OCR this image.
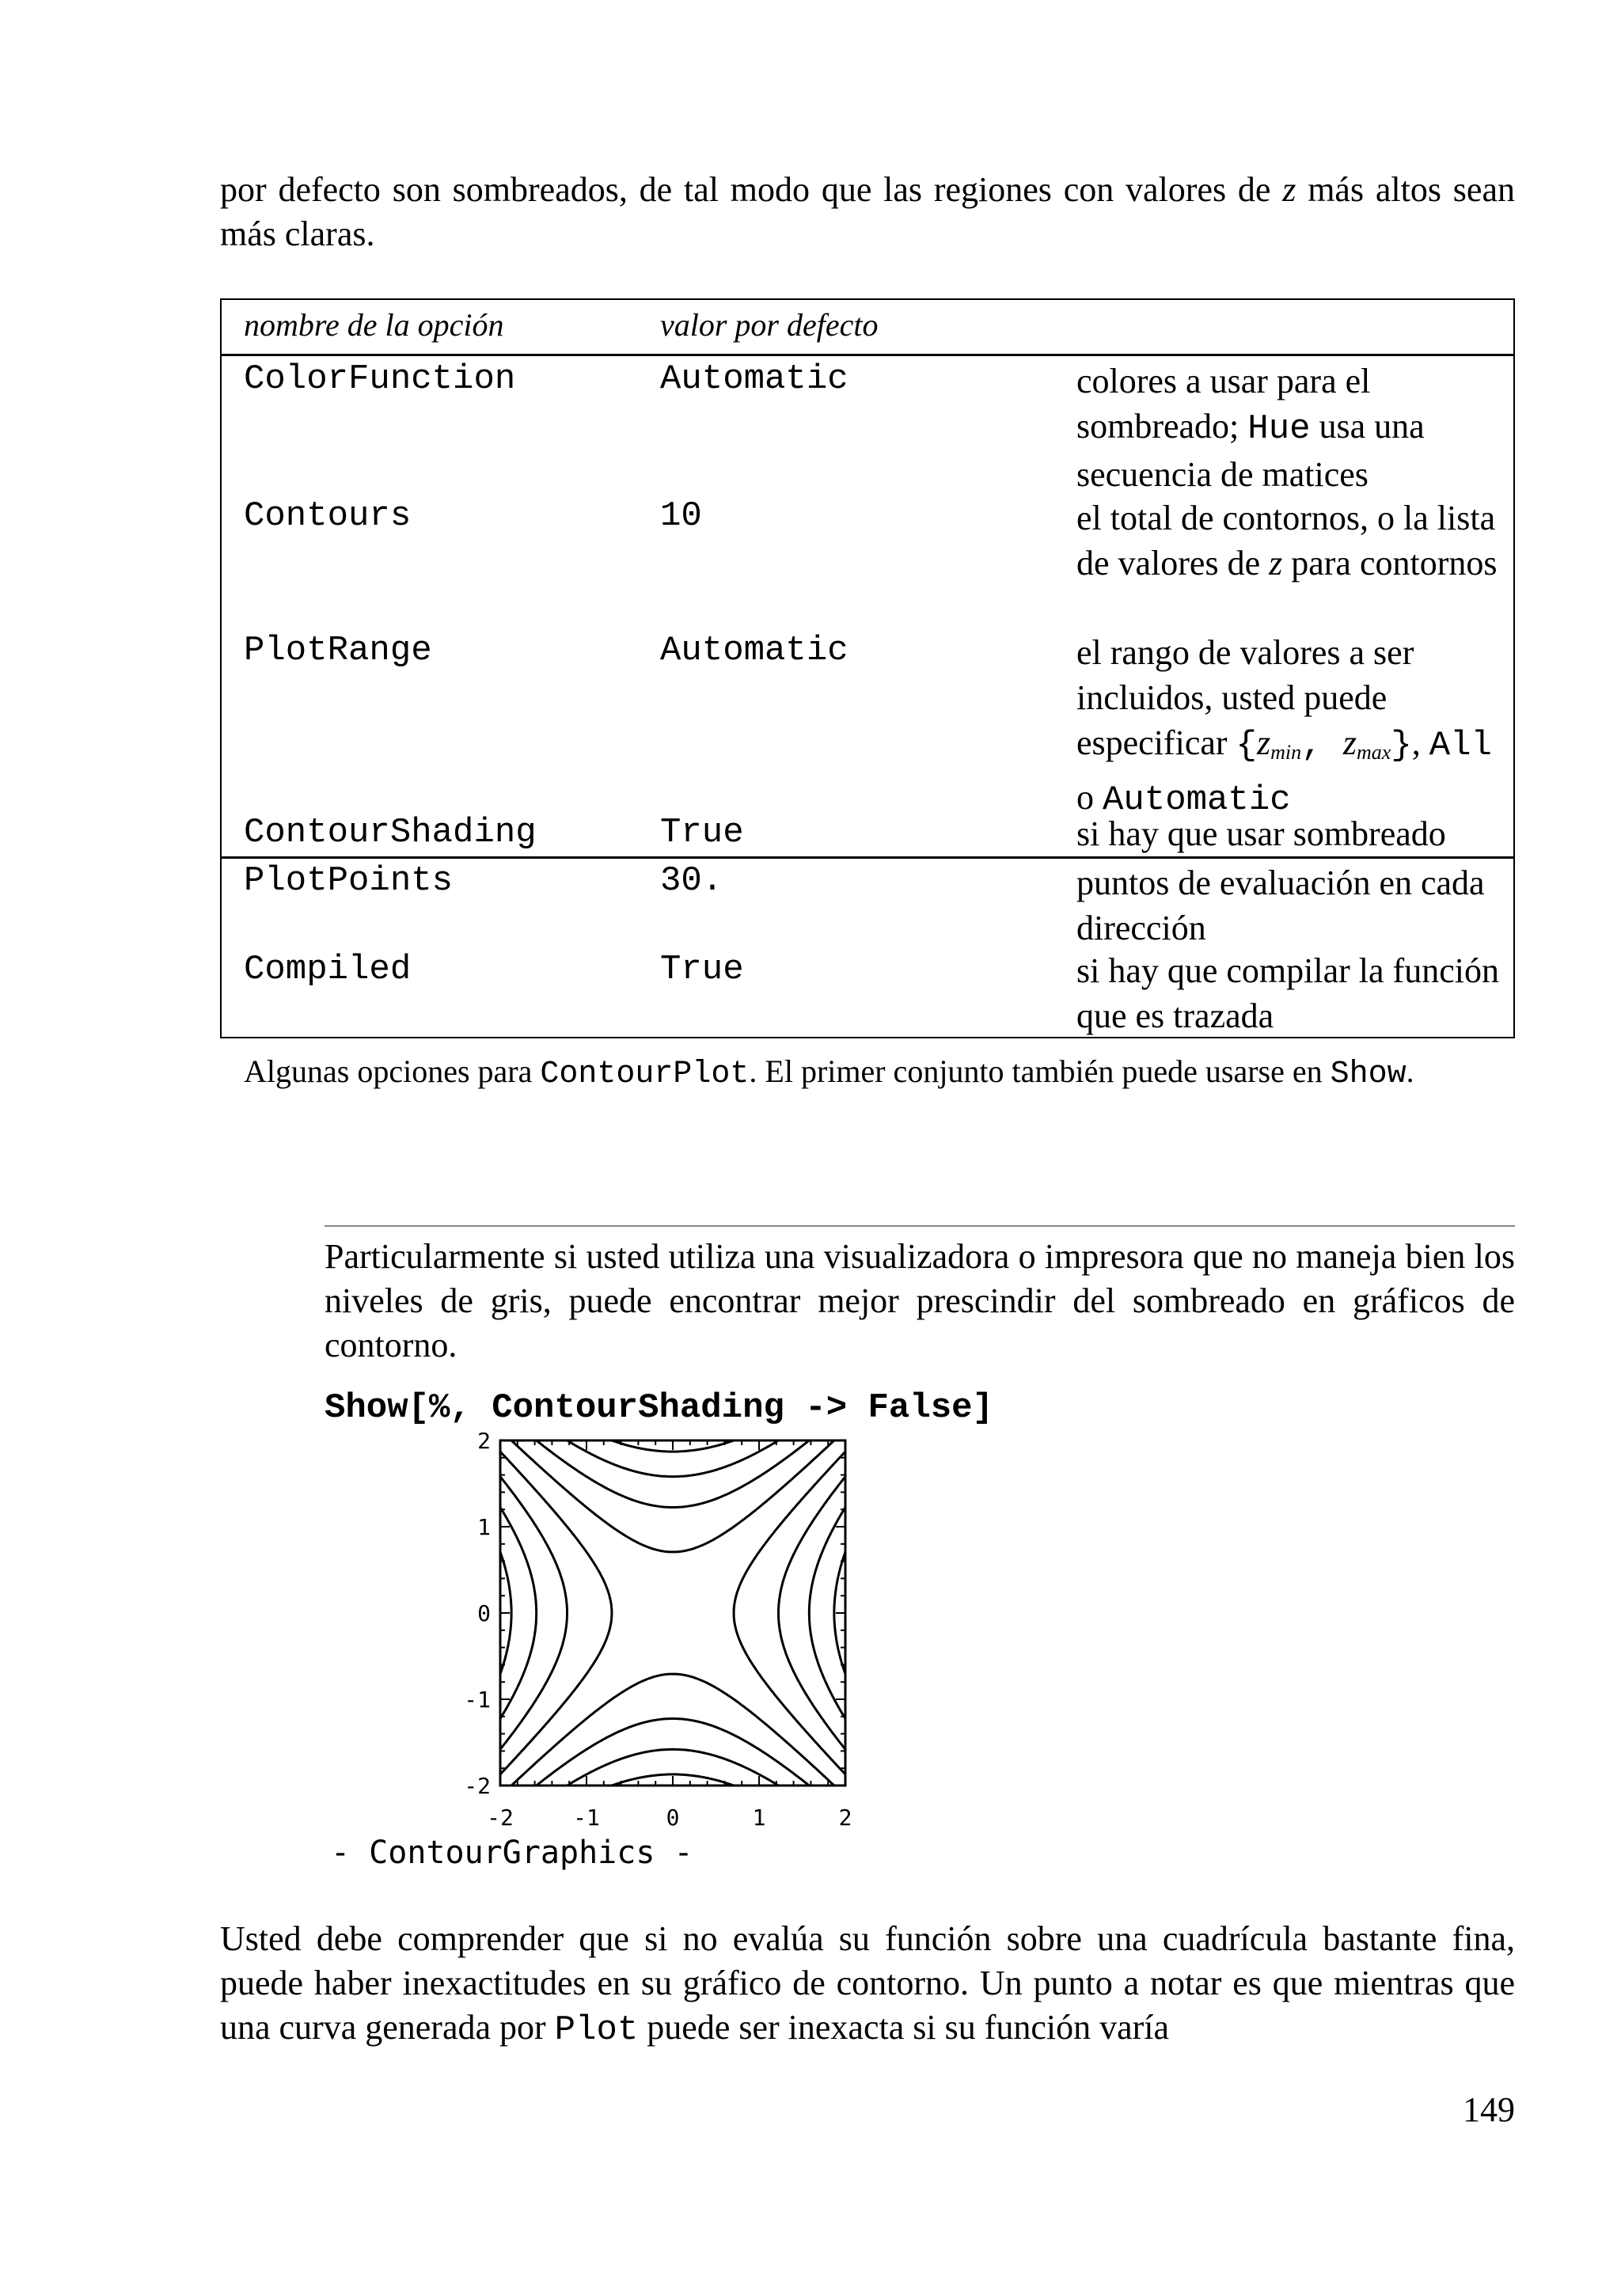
por defecto son sombreados, de tal modo que las regiones con valores de z más altos sean más claras.

nombre de la opción	valor por defecto
ColorFunction	Automatic	colores a usar para el sombreado; Hue usa una secuencia de matices
Contours	10	el total de contornos, o la lista de valores de z para contornos
PlotRange	Automatic	el rango de valores a ser incluidos, usted puede especificar {$z_{min}$, $z_{max}$}, All o Automatic
ContourShading	True	si hay que usar sombreado
PlotPoints	30.	puntos de evaluación en cada dirección
Compiled	True	si hay que compilar la función que es trazada
Algunas opciones para ContourPlot. El primer conjunto también puede usarse en Show.
Particularmente si usted utiliza una visualizadora o impresora que no maneja bien los niveles de gris, puede encontrar mejor prescindir del sombreado en gráficos de contorno.
Show[%, ContourShading -> False]
2
1
0
-1
-2
-2	-1	0	1	2
- ContourGraphics -

Usted debe comprender que si no evalúa su función sobre una cuadrícula bastante fina, puede haber inexactitudes en su gráfico de contorno. Un punto a notar es que mientras que una curva generada por Plot puede ser inexacta si su función varía

149
